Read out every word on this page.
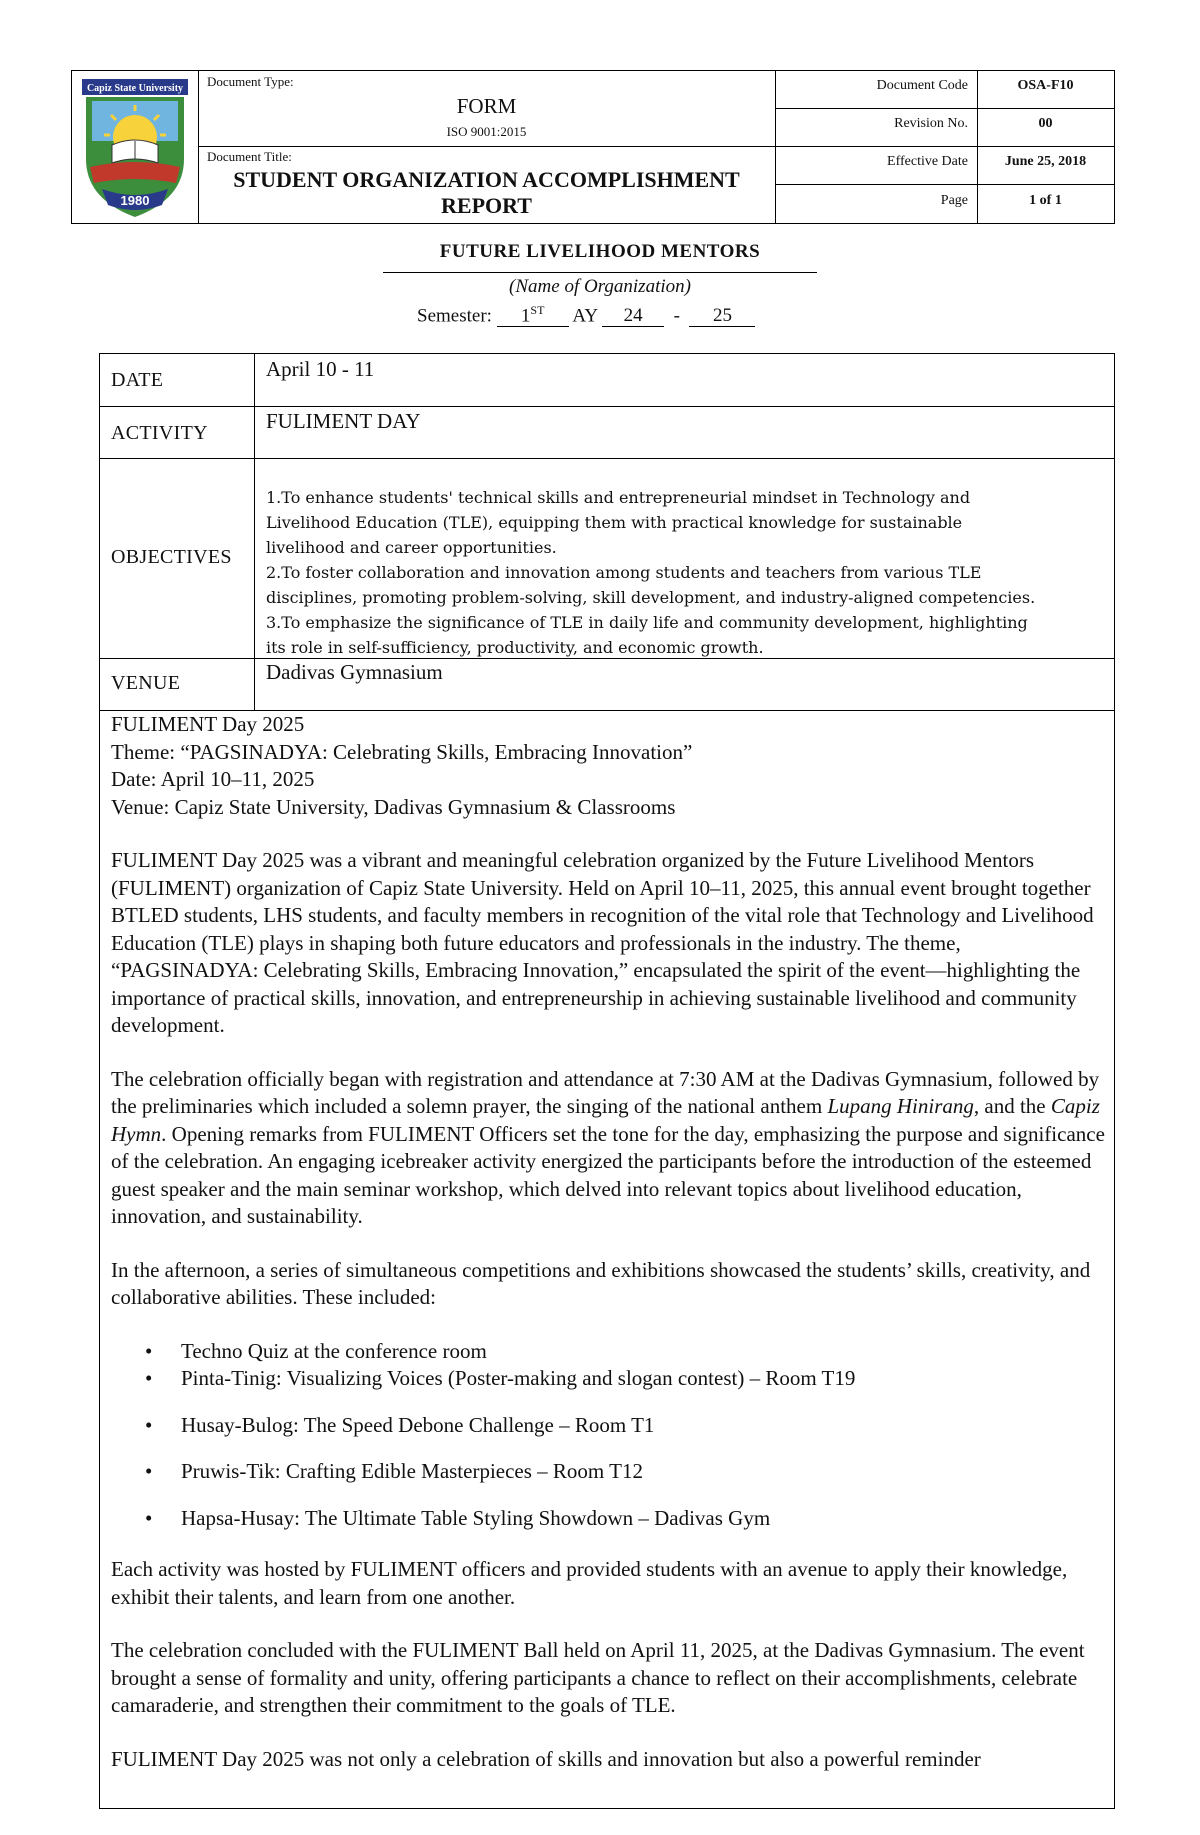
Capiz State University
1980
Document Type:
FORM
ISO 9001:2015
Document Title:
STUDENT ORGANIZATION ACCOMPLISHMENT
REPORT
Document Code	OSA-F10
Revision No.	00
Effective Date	June 25, 2018
Page	1 of 1
FUTURE LIVELIHOOD MENTORS
(Name of Organization)
Semester: 1ST AY 24 - 25
DATE	April 10 - 11
ACTIVITY	FULIMENT DAY
OBJECTIVES
1.To enhance students' technical skills and entrepreneurial mindset in Technology and
Livelihood Education (TLE), equipping them with practical knowledge for sustainable
livelihood and career opportunities.
2.To foster collaboration and innovation among students and teachers from various TLE
disciplines, promoting problem-solving, skill development, and industry-aligned competencies.
3.To emphasize the significance of TLE in daily life and community development, highlighting
its role in self-sufficiency, productivity, and economic growth.
VENUE	Dadivas Gymnasium

FULIMENT Day 2025
Theme: “PAGSINADYA: Celebrating Skills, Embracing Innovation”
Date: April 10–11, 2025
Venue: Capiz State University, Dadivas Gymnasium & Classrooms

FULIMENT Day 2025 was a vibrant and meaningful celebration organized by the Future Livelihood Mentors (FULIMENT) organization of Capiz State University. Held on April 10–11, 2025, this annual event brought together BTLED students, LHS students, and faculty members in recognition of the vital role that Technology and Livelihood Education (TLE) plays in shaping both future educators and professionals in the industry. The theme, “PAGSINADYA: Celebrating Skills, Embracing Innovation,” encapsulated the spirit of the event—highlighting the importance of practical skills, innovation, and entrepreneurship in achieving sustainable livelihood and community development.

The celebration officially began with registration and attendance at 7:30 AM at the Dadivas Gymnasium, followed by the preliminaries which included a solemn prayer, the singing of the national anthem Lupang Hinirang, and the Capiz Hymn. Opening remarks from FULIMENT Officers set the tone for the day, emphasizing the purpose and significance of the celebration. An engaging icebreaker activity energized the participants before the introduction of the esteemed guest speaker and the main seminar workshop, which delved into relevant topics about livelihood education, innovation, and sustainability.

In the afternoon, a series of simultaneous competitions and exhibitions showcased the students’ skills, creativity, and collaborative abilities. These included:

• Techno Quiz at the conference room
• Pinta-Tinig: Visualizing Voices (Poster-making and slogan contest) – Room T19
• Husay-Bulog: The Speed Debone Challenge – Room T1
• Pruwis-Tik: Crafting Edible Masterpieces – Room T12
• Hapsa-Husay: The Ultimate Table Styling Showdown – Dadivas Gym

Each activity was hosted by FULIMENT officers and provided students with an avenue to apply their knowledge, exhibit their talents, and learn from one another.

The celebration concluded with the FULIMENT Ball held on April 11, 2025, at the Dadivas Gymnasium. The event brought a sense of formality and unity, offering participants a chance to reflect on their accomplishments, celebrate camaraderie, and strengthen their commitment to the goals of TLE.

FULIMENT Day 2025 was not only a celebration of skills and innovation but also a powerful reminder
